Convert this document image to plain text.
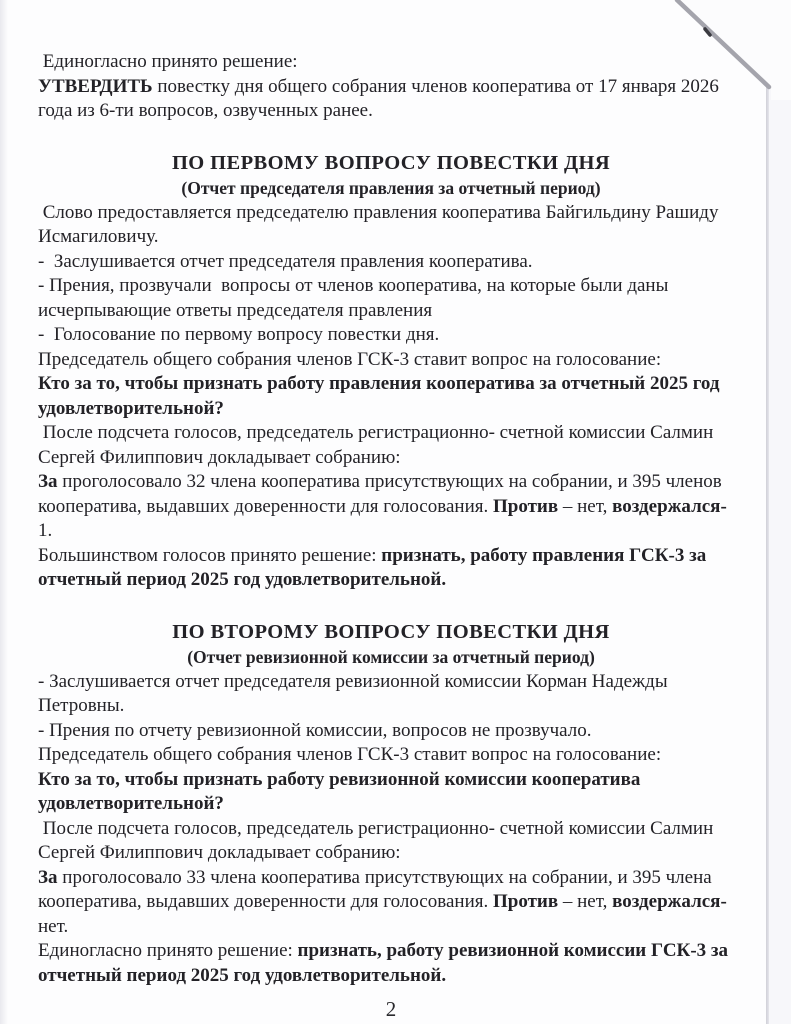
Единогласно принято решение:
УТВЕРДИТЬ повестку дня общего собрания членов кооператива от 17 января 2026 года из 6-ти вопросов, озвученных ранее.
ПО ПЕРВОМУ ВОПРОСУ ПОВЕСТКИ ДНЯ
(Отчет председателя правления за отчетный период)
Слово предоставляется председателю правления кооператива Байгильдину Рашиду Исмагиловичу.
-  Заслушивается отчет председателя правления кооператива.
- Прения, прозвучали  вопросы от членов кооператива, на которые были даны исчерпывающие ответы председателя правления
-  Голосование по первому вопросу повестки дня.
Председатель общего собрания членов ГСК-3 ставит вопрос на голосование:
Кто за то, чтобы признать работу правления кооператива за отчетный 2025 год удовлетворительной?
После подсчета голосов, председатель регистрационно- счетной комиссии Салмин Сергей Филиппович докладывает собранию:
За проголосовало 32 члена кооператива присутствующих на собрании, и 395 членов кооператива, выдавших доверенности для голосования. Против – нет, воздержался- 1.
Большинством голосов принято решение: признать, работу правления ГСК-3 за отчетный период 2025 год удовлетворительной.
ПО ВТОРОМУ ВОПРОСУ ПОВЕСТКИ ДНЯ
(Отчет ревизионной комиссии за отчетный период)
- Заслушивается отчет председателя ревизионной комиссии Корман Надежды Петровны.
- Прения по отчету ревизионной комиссии, вопросов не прозвучало.
Председатель общего собрания членов ГСК-3 ставит вопрос на голосование:
Кто за то, чтобы признать работу ревизионной комиссии кооператива удовлетворительной?
После подсчета голосов, председатель регистрационно- счетной комиссии Салмин Сергей Филиппович докладывает собранию:
За проголосовало 33 члена кооператива присутствующих на собрании, и 395 члена кооператива, выдавших доверенности для голосования. Против – нет, воздержался- нет.
Единогласно принято решение: признать, работу ревизионной комиссии ГСК-3 за отчетный период 2025 год удовлетворительной.
2
